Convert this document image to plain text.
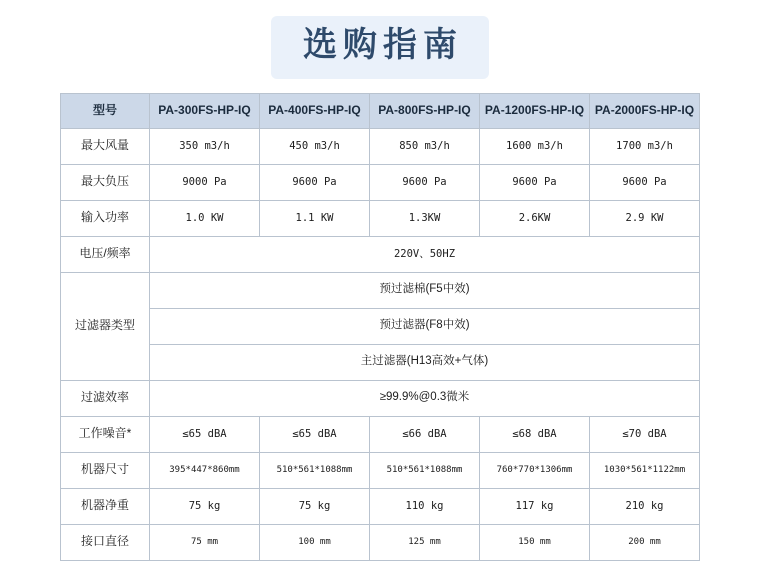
选购指南
型号	PA-300FS-HP-IQ	PA-400FS-HP-IQ	PA-800FS-HP-IQ	PA-1200FS-HP-IQ	PA-2000FS-HP-IQ
最大风量	350 m3/h	450 m3/h	850 m3/h	1600 m3/h	1700 m3/h
最大负压	9000 Pa	9600 Pa	9600 Pa	9600 Pa	9600 Pa
输入功率	1.0 KW	1.1 KW	1.3KW	2.6KW	2.9 KW
电压/频率	220V、50HZ				
过滤器类型	预过滤棉(F5中效)				
	预过滤器(F8中效)				
	主过滤器(H13高效+气体)				
过滤效率	≥99.9%@0.3微米				
工作噪音*	≤65 dBA	≤65 dBA	≤66 dBA	≤68 dBA	≤70 dBA
机器尺寸	395*447*860mm	510*561*1088mm	510*561*1088mm	760*770*1306mm	1030*561*1122mm
机器净重	75 kg	75 kg	110 kg	117 kg	210 kg
接口直径	75 mm	100 mm	125 mm	150 mm	200 mm
